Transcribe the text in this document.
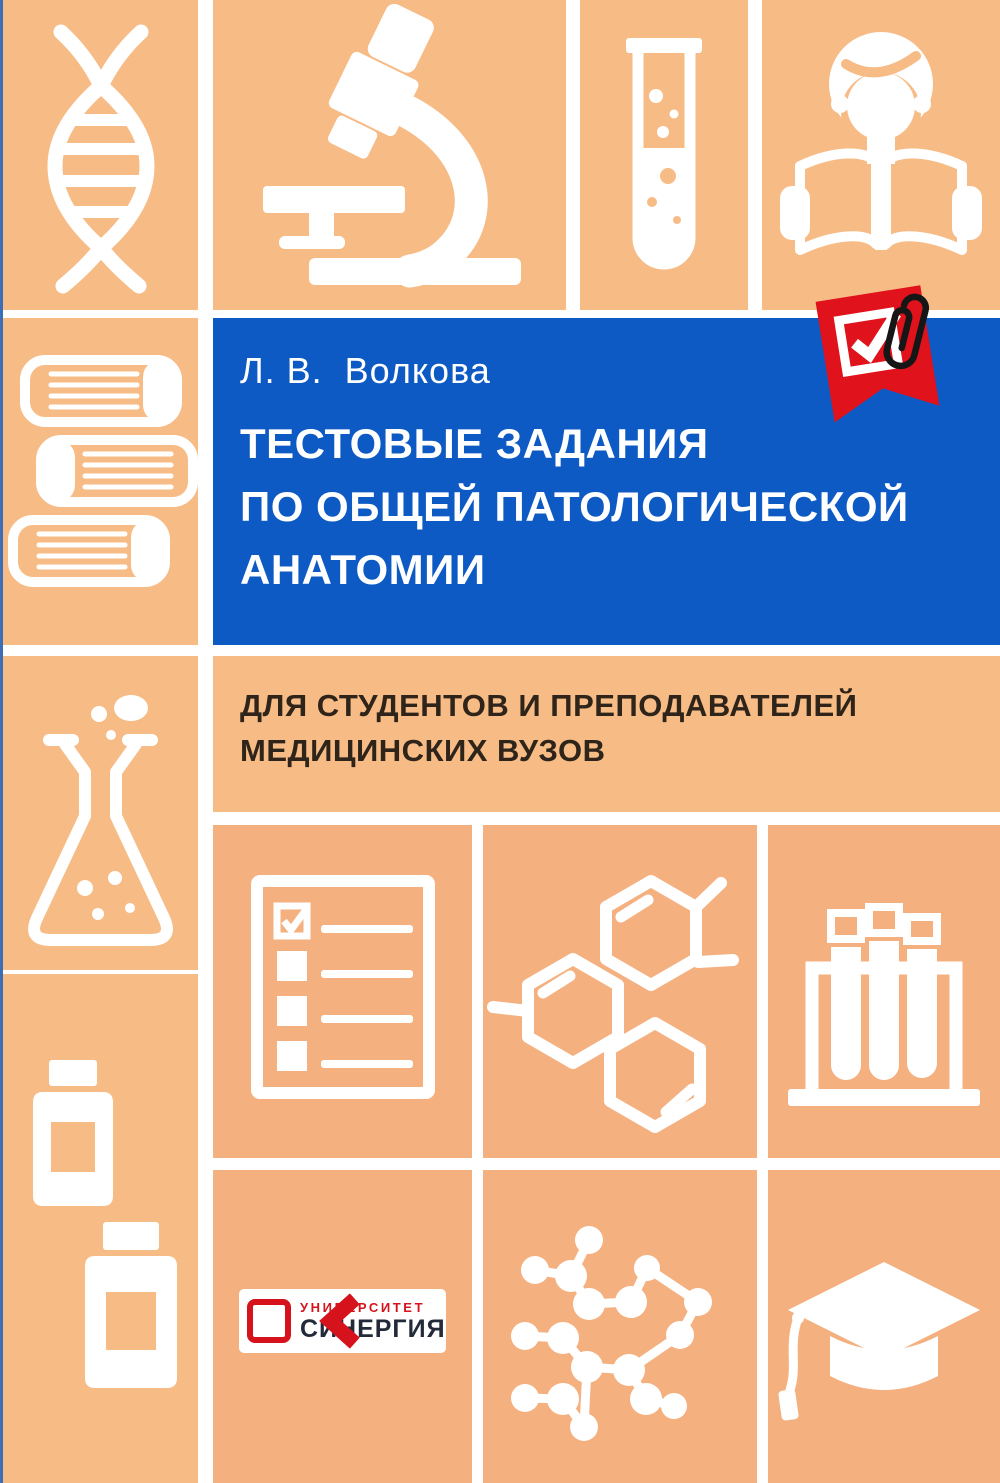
Л. В.  Волкова
ТЕСТОВЫЕ ЗАДАНИЯ
ПО ОБЩЕЙ ПАТОЛОГИЧЕСКОЙ
АНАТОМИИ
ДЛЯ СТУДЕНТОВ И ПРЕПОДАВАТЕЛЕЙ
МЕДИЦИНСКИХ ВУЗОВ
УНИВЕРСИТЕТ
СИНЕРГИЯ
